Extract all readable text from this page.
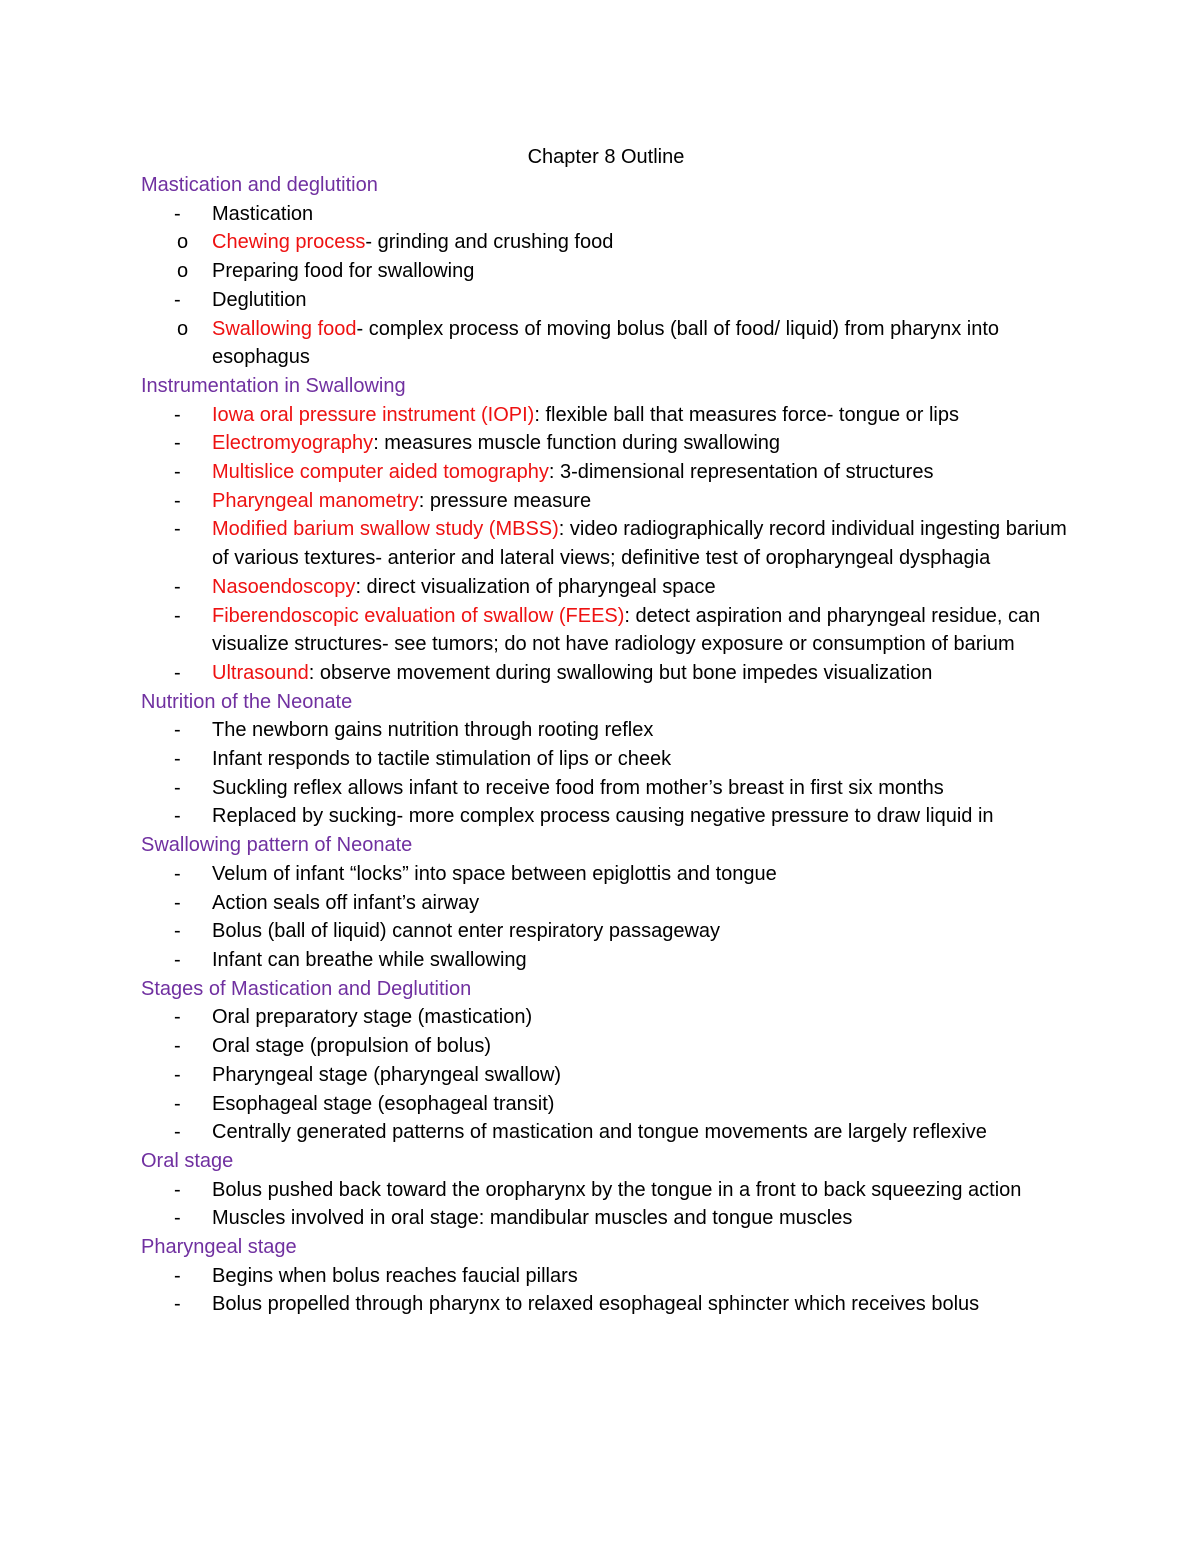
Chapter 8 Outline
Mastication and deglutition
- Mastication
o Chewing process- grinding and crushing food
o Preparing food for swallowing
- Deglutition
o Swallowing food- complex process of moving bolus (ball of food/ liquid) from pharynx into esophagus
Instrumentation in Swallowing
- Iowa oral pressure instrument (IOPI): flexible ball that measures force- tongue or lips
- Electromyography: measures muscle function during swallowing
- Multislice computer aided tomography: 3-dimensional representation of structures
- Pharyngeal manometry: pressure measure
- Modified barium swallow study (MBSS): video radiographically record individual ingesting barium of various textures- anterior and lateral views; definitive test of oropharyngeal dysphagia
- Nasoendoscopy: direct visualization of pharyngeal space
- Fiberendoscopic evaluation of swallow (FEES): detect aspiration and pharyngeal residue, can visualize structures- see tumors; do not have radiology exposure or consumption of barium
- Ultrasound: observe movement during swallowing but bone impedes visualization
Nutrition of the Neonate
- The newborn gains nutrition through rooting reflex
- Infant responds to tactile stimulation of lips or cheek
- Suckling reflex allows infant to receive food from mother’s breast in first six months
- Replaced by sucking- more complex process causing negative pressure to draw liquid in
Swallowing pattern of Neonate
- Velum of infant “locks” into space between epiglottis and tongue
- Action seals off infant’s airway
- Bolus (ball of liquid) cannot enter respiratory passageway
- Infant can breathe while swallowing
Stages of Mastication and Deglutition
- Oral preparatory stage (mastication)
- Oral stage (propulsion of bolus)
- Pharyngeal stage (pharyngeal swallow)
- Esophageal stage (esophageal transit)
- Centrally generated patterns of mastication and tongue movements are largely reflexive
Oral stage
- Bolus pushed back toward the oropharynx by the tongue in a front to back squeezing action
- Muscles involved in oral stage: mandibular muscles and tongue muscles
Pharyngeal stage
- Begins when bolus reaches faucial pillars
- Bolus propelled through pharynx to relaxed esophageal sphincter which receives bolus
